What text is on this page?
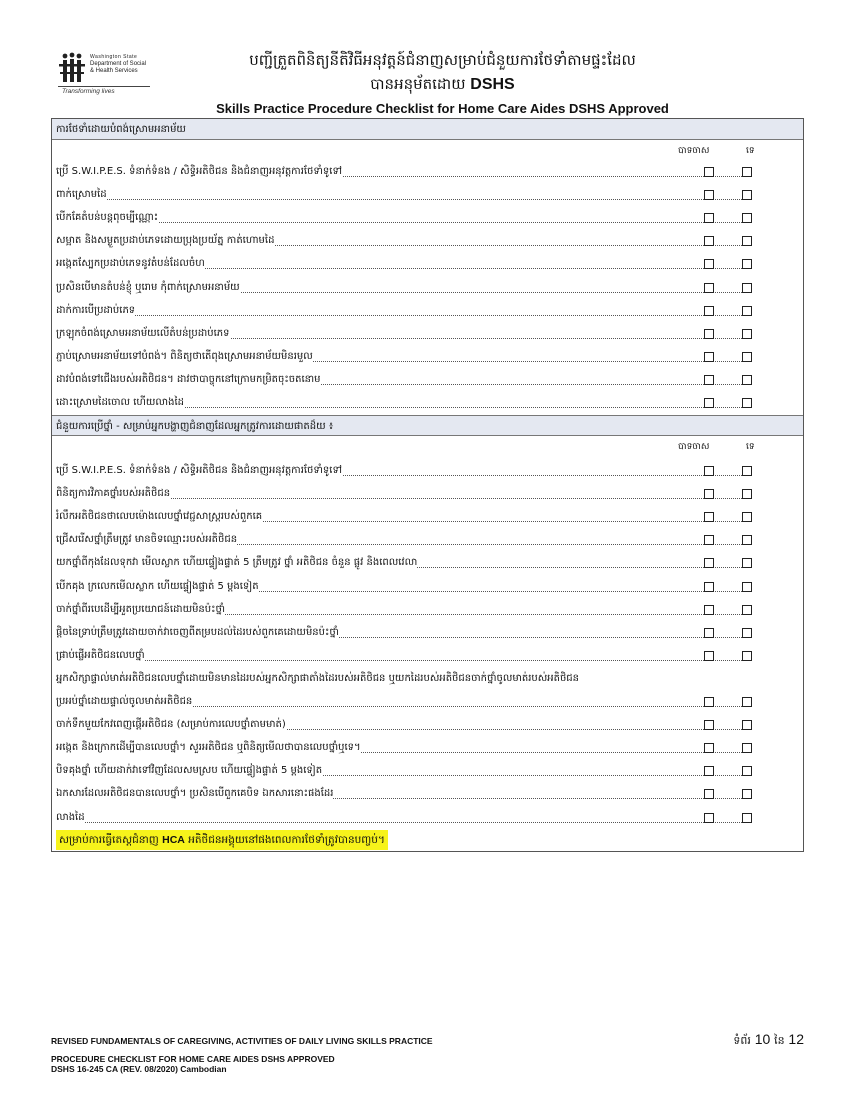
Washington State
Department of Social
& Health Services
Transforming lives
បញ្ជីត្រួតពិនិត្យនីតិវិធីអនុវត្តន៍ជំនាញសម្រាប់ជំនួយការថែទាំតាមផ្ទះដែល
បានអនុម័តដោយ DSHS
Skills Practice Procedure Checklist for Home Care Aides DSHS Approved
ការថែទាំដោយបំពង់ស្រោមអនាម័យ
បាទចាស	ទេ
ប្រើ S.W.I.P.E.S. ទំនាក់ទំនង / សិទ្ធិអតិថិជន និងជំនាញអនុវត្តការថែទាំទូទៅ
ពាក់ស្រោមដៃ
បើកគែតំបន់បន្តពុចម្បីណ្ណោះ
សម្អាត និងសម្ងួតប្រដាប់ភេទដោយប្រុងប្រយ័ត្ន កាត់ហោមដៃ
អង្កេតស្បែកប្រដាប់ភេទនូវតំបន់ដែលចំហ
ប្រសិនបើមានតំបន់ខ្ញុំ ឬរោម កុំពាក់ស្រោមអនាម័យ
ដាក់ការបើប្រដាប់ភេទ
ក្រឡុកចំពង់ស្រោមអនាម័យលើតំបន់ប្រដាប់ភេទ
ភ្ជាប់ស្រោមអនាម័យទៅបំពង់។ ពិនិត្យថាតើពុងស្រោមអនាម័យមិនរមួល
ដាវបំពង់ទៅជើងរបស់អតិថិជន។ ដាវថាបាច្ចុកនៅក្រោមកម្រិតចុះចតនោម
ដោះស្រោមដៃចោល ហើយលាងដៃ
ជំនួយការប្រើថ្នាំ - សម្រាប់អ្នកបង្ហាញជំនាញដែលអ្នកត្រូវការដោយផាតដ៏យ ៖
បាទចាស	ទេ
ប្រើ S.W.I.P.E.S. ទំនាក់ទំនង / សិទ្ធិអតិថិជន និងជំនាញអនុវត្តការថែទាំទូទៅ
ពិនិត្យការវិភាគថ្នាំរបស់អតិថិជន
រំលឹកអតិថិជនថាលេបម៉ោងលេបថ្នាំវេជ្ជសាស្ត្ររបស់ពួកគេ
ជ្រើសរើសថ្នាំត្រឹមត្រូវ មានចិទឈ្មោះរបស់អតិថិជន
យកថ្នាំពីកុងដែលទុកវា មើលស្លាក ហើយផ្ទៀងផ្ទាត់ 5 ត្រឹមត្រូវ ថ្នាំ អតិថិជន ចំនួន ផ្លូវ និងពេលវេលា
បើកគុង ក្រលេកមើលស្លាក ហើយផ្ទៀងផ្ទាត់ 5 ម្ដងទៀត
ចាក់ថ្នាំពីរបេដើម្បីអួតប្រយោជន៍ដោយមិនប៉ះថ្នាំ
ផ្ដិចនៃទ្រាប់ត្រឹមត្រូវដោយចាក់វាចេញពីតម្របដល់ដៃរបស់ពួកគេដោយមិនប៉ះថ្នាំ
ផ្រាប់ផ្លើអតិថិជនលេបថ្នាំ
អ្នកសិក្សាផ្ទាល់មាត់អតិថិជនលេបថ្នាំដោយមិនមានដៃរបស់អ្នកសិក្សាផាតាំងដៃរបស់អតិថិជន ឬយកដៃរបស់អតិថិជនចាក់ថ្នាំចូលមាត់របស់អតិថិជន
ប្រអប់ថ្នាំដោយផ្ទាល់ចូលមាត់អតិថិជន
ចាក់ទឹកមួយកែវពេញផ្តើអតិថិជន (សម្រាប់ការលេបថ្នាំតាមមាត់)
អង្កេត និងក្រោកដើម្បីបានលេបថ្នាំ។ សួរអតិថិជន ឬពិនិត្យមើលថាបានលេបថ្នាំឬទេ។
បិទគុងថ្នាំ ហើយដាក់វាទៅវិញដែលសមស្រប ហើយផ្ទៀងផ្ទាត់ 5 ម្ដងទៀត
ឯកសារដែលអតិថិជនបានលេបថ្នាំ។ ប្រសិនបើពួកគេបិទ ឯកសារនោះផងដែរ
លាងដៃ
សម្រាប់ការធ្វើតេស្តជំនាញ HCA អតិថិជនអង្គុយនៅផងពេលការថែទាំត្រូវបានបញ្ចប់។
REVISED FUNDAMENTALS OF CAREGIVING, ACTIVITIES OF DAILY LIVING SKILLS PRACTICE
PROCEDURE CHECKLIST FOR HOME CARE AIDES DSHS APPROVED
DSHS 16-245 CA (REV. 08/2020) Cambodian
ទំព័រ 10 នៃ 12
